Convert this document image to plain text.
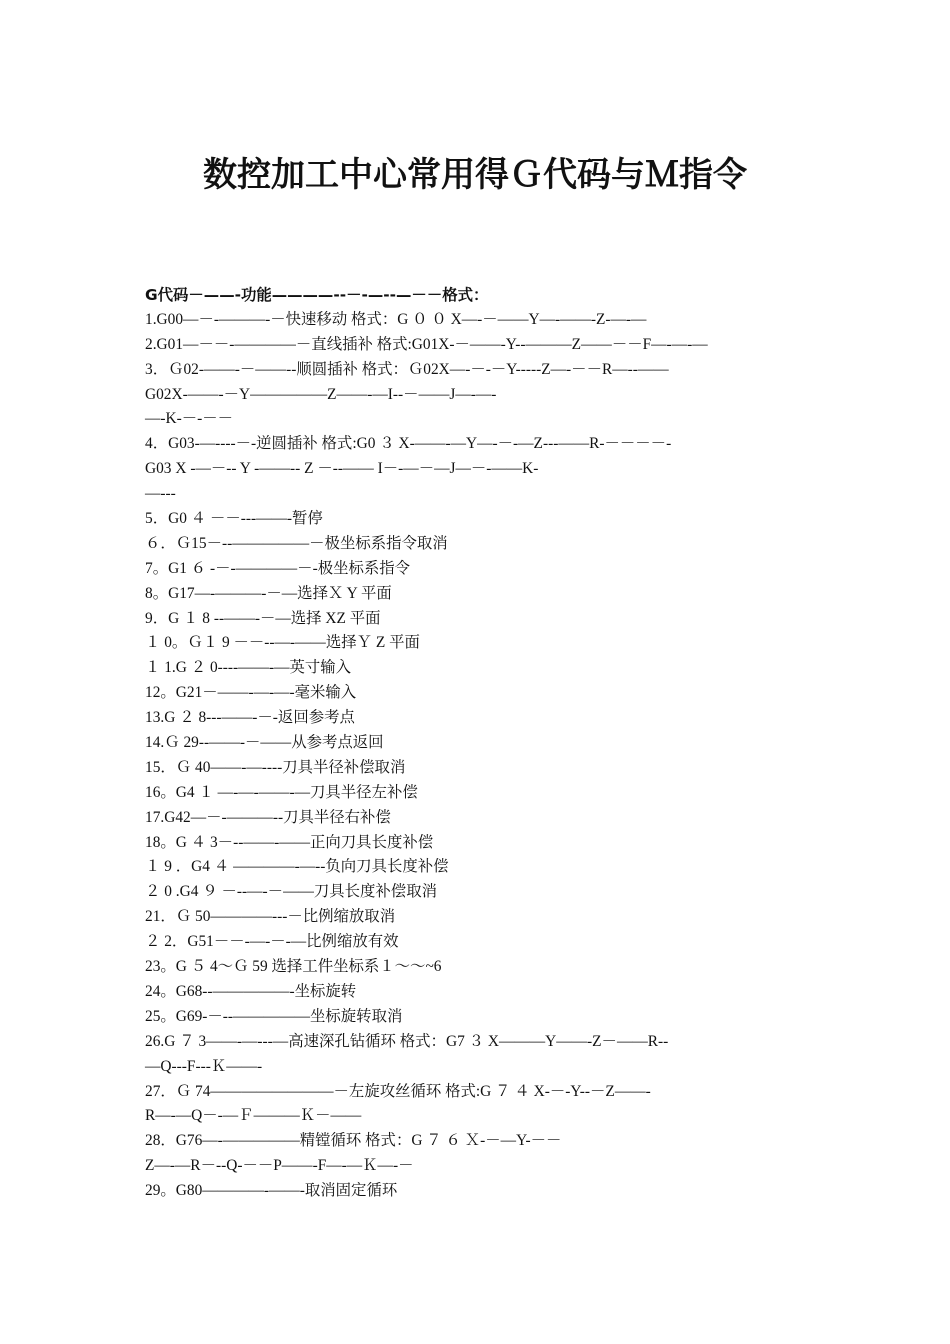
数控加工中心常用得Ｇ代码与Ｍ指令
G代码－——-功能————--－-—--—－－格式：
1.G00—－-———-－快速移动 格式：G ０ ０ X—-－——Y—-——-Z-—-—
2.G01—－－-————－直线插补 格式:G01X-－——-Y--———Z——－－F—-—-—
3．Ｇ02-——-－——--顺圆插补 格式：Ｇ02X—-－-－Y-----Z—-－－R—--——
G02X-——-－Y—————Z——-—I--－——J—-—-
—-K-－-－－
4．G03-—----－-逆圆插补 格式:G0 ３ X-——-—Y—-－-—Z---——R-－－－－-
G03 X -—－-- Y -——-- Z －--—— I－-—－—J—－-——K-
—---
5．G0 ４ －－---——-暂停
６．Ｇ15－--—————－极坐标系指令取消
7。G1 ６ -－-————－-极坐标系指令
8。G17—-———-－—选择Ｘ Y 平面
9．G １ 8 --——-－—选择 XZ 平面
１ 0。Ｇ１ 9 －－--—-——选择Ｙ Z 平面
１ 1.G ２ 0----——-—英寸输入
12。G21－——-—-—-毫米输入
13.G ２ 8---——-－-返回参考点
14.Ｇ 29--——-－——从参考点返回
15．Ｇ 40——-—----刀具半径补偿取消
16。G4 １ —-—-——-—刀具半径左补偿
17.G42—－-———--刀具半径右补偿
18。G ４ 3－--——-——正向刀具长度补偿
１ 9 ．G4 ４ ————-—--负向刀具长度补偿
２ 0 .G4 ９ －--—-－——刀具长度补偿取消
21．Ｇ 50————---－比例缩放取消
２ 2．G51－－-—-－-—比例缩放有效
23。G ５ 4～Ｇ 59 选择工件坐标系１～～~6
24。G68--—————-坐标旋转
25。G69-－--—————坐标旋转取消
26.G ７ 3——-—---—高速深孔钻循环 格式：G7 ３ X———Y——-Z－——R--
—Q---F---Ｋ——-
27．Ｇ 74————————－左旋攻丝循环 格式:G ７ ４ X-－-Y--－Z——-
R—-—Q－-—Ｆ———Ｋ－——
28．G76—-—————精镗循环 格式：G ７ ６ Ｘ-－—Y-－－
Z—-—R－--Q-－－P——-F—-—Ｋ—-－
29。G80————-——-取消固定循环
